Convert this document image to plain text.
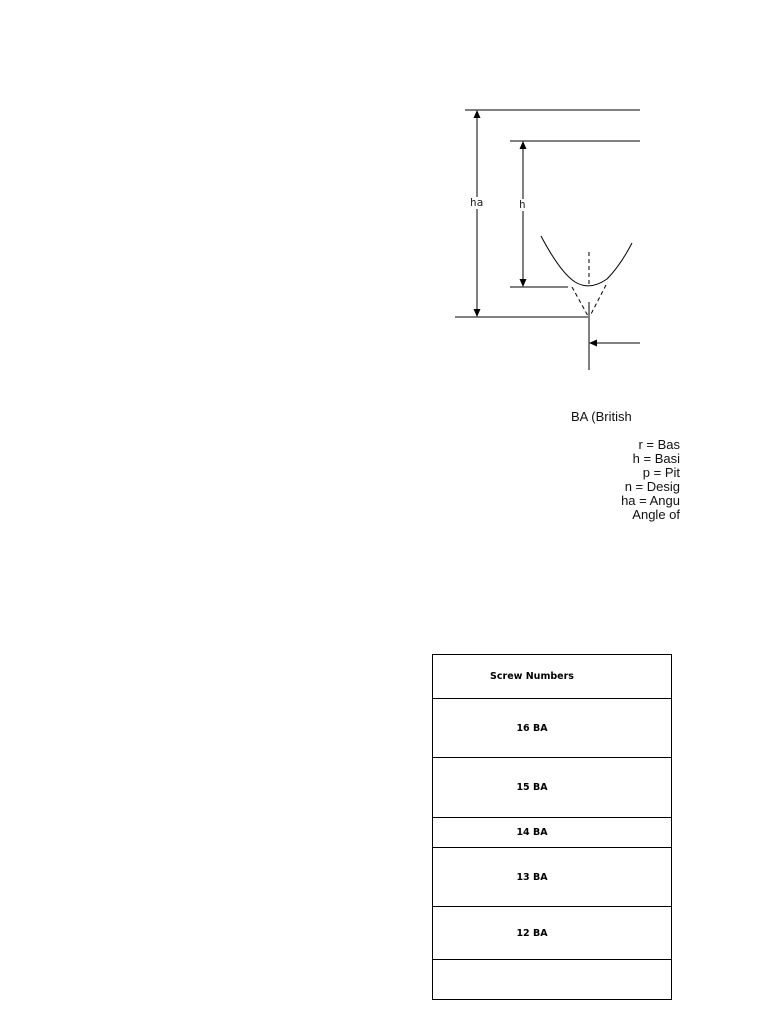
ha	h
BA (British
r = Bas
h = Basi
p = Pit
n = Desig
ha = Angu
Angle of
Screw Numbers
16 BA
15 BA
14 BA
13 BA
12 BA
